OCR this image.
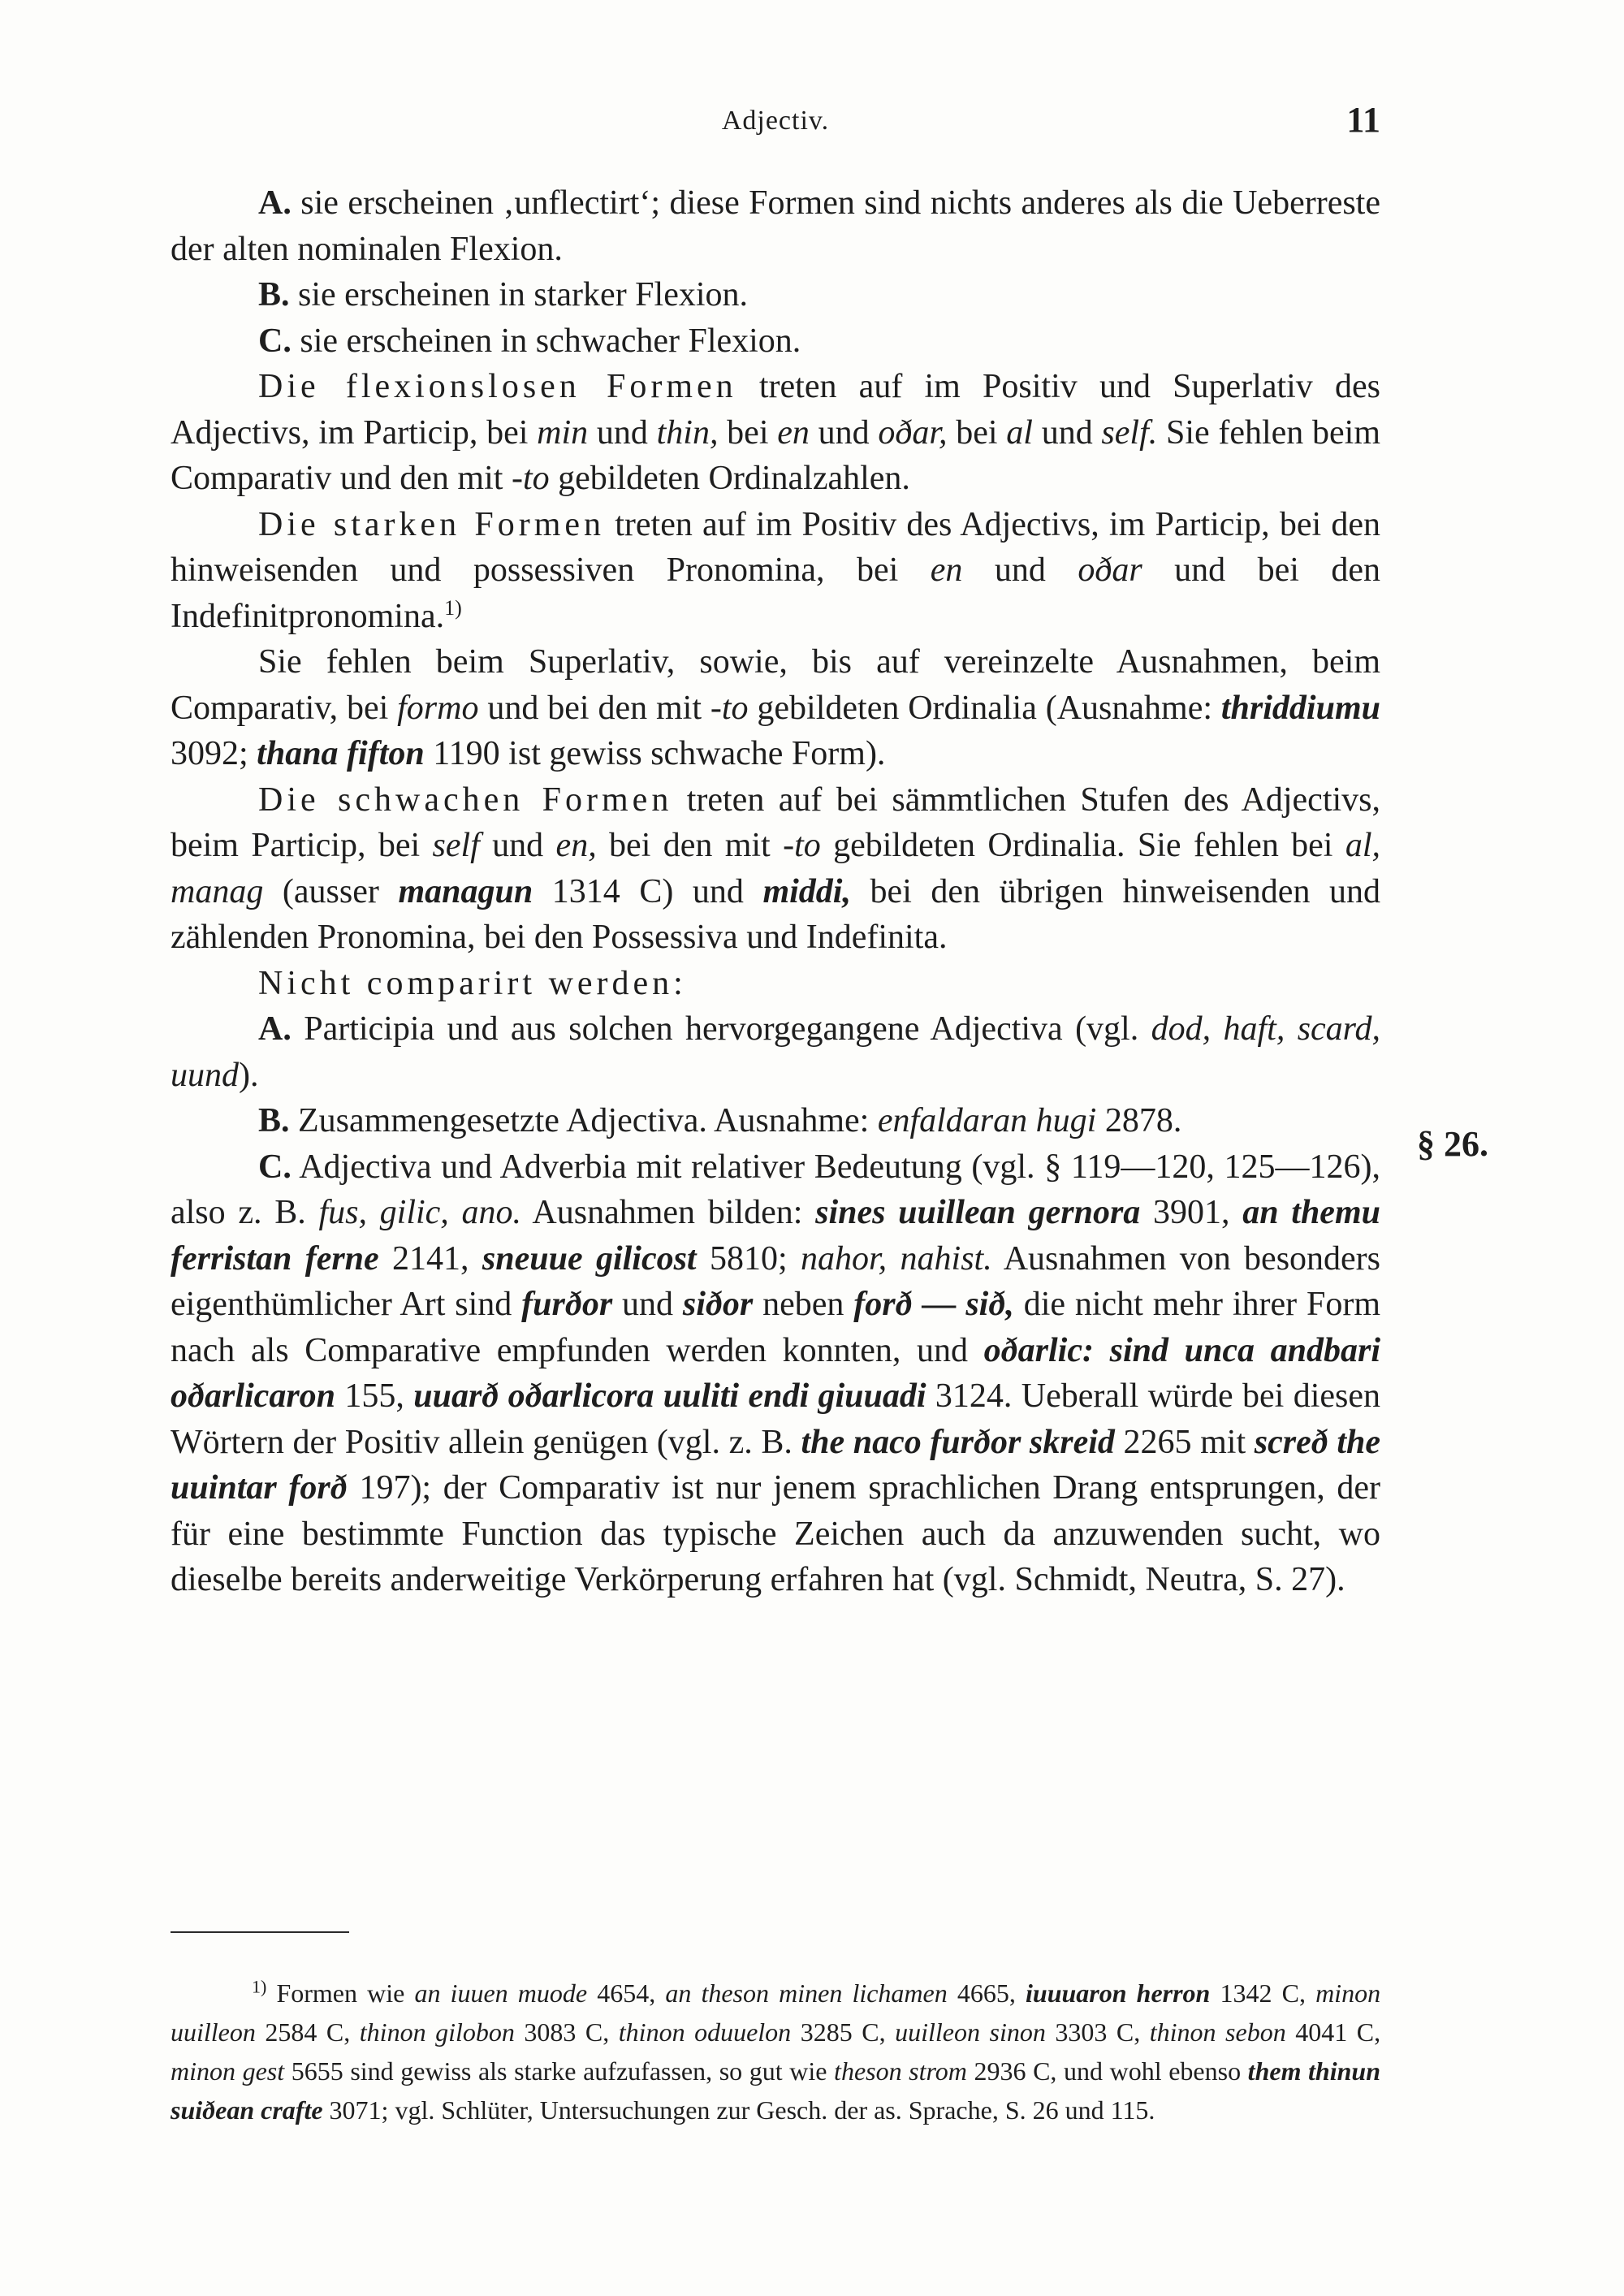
Adjectiv.	11

A. sie erscheinen ‚unflectirt‘; diese Formen sind nichts anderes als die Ueberreste der alten nominalen Flexion.

B. sie erscheinen in starker Flexion.

C. sie erscheinen in schwacher Flexion.

Die flexionslosen Formen treten auf im Positiv und Superlativ des Adjectivs, im Particip, bei min und thin, bei en und oðar, bei al und self. Sie fehlen beim Comparativ und den mit -to gebildeten Ordinalzahlen.

Die starken Formen treten auf im Positiv des Adjectivs, im Particip, bei den hinweisenden und possessiven Pronomina, bei en und oðar und bei den Indefinitpronomina.$^{1)}$

Sie fehlen beim Superlativ, sowie, bis auf vereinzelte Ausnahmen, beim Comparativ, bei formo und bei den mit -to gebildeten Ordinalia (Ausnahme: thriddiumu 3092; thana fifton 1190 ist gewiss schwache Form).

Die schwachen Formen treten auf bei sämmtlichen Stufen des Adjectivs, beim Particip, bei self und en, bei den mit -to gebildeten Ordinalia. Sie fehlen bei al, manag (ausser managun 1314 C) und middi, bei den übrigen hinweisenden und zählenden Pronomina, bei den Possessiva und Indefinita.

Nicht comparirt werden:

A. Participia und aus solchen hervorgegangene Adjectiva (vgl. dod, haft, scard, uund).

B. Zusammengesetzte Adjectiva. Ausnahme: enfaldaran hugi 2878.

C. Adjectiva und Adverbia mit relativer Bedeutung (vgl. § 119—120, 125—126), also z. B. fus, gilic, ano. Ausnahmen bilden: sines uuillean gernora 3901, an themu ferristan ferne 2141, sneuue gilicost 5810; nahor, nahist. Ausnahmen von besonders eigenthümlicher Art sind furðor und siðor neben forð — sið, die nicht mehr ihrer Form nach als Comparative empfunden werden konnten, und oðarlic: sind unca andbari oðarlicaron 155, uuarð oðarlicora uuliti endi giuuadi 3124. Ueberall würde bei diesen Wörtern der Positiv allein genügen (vgl. z. B. the naco furðor skreid 2265 mit screð the uuintar forð 197); der Comparativ ist nur jenem sprachlichen Drang entsprungen, der für eine bestimmte Function das typische Zeichen auch da anzuwenden sucht, wo dieselbe bereits anderweitige Verkörperung erfahren hat (vgl. Schmidt, Neutra, S. 27).

§ 26.

$^{1)}$ Formen wie an iuuen muode 4654, an theson minen lichamen 4665, iuuuaron herron 1342 C, minon uuilleon 2584 C, thinon gilobon 3083 C, thinon oduuelon 3285 C, uuilleon sinon 3303 C, thinon sebon 4041 C, minon gest 5655 sind gewiss als starke aufzufassen, so gut wie theson strom 2936 C, und wohl ebenso them thinun suiðean crafte 3071; vgl. Schlüter, Untersuchungen zur Gesch. der as. Sprache, S. 26 und 115.
